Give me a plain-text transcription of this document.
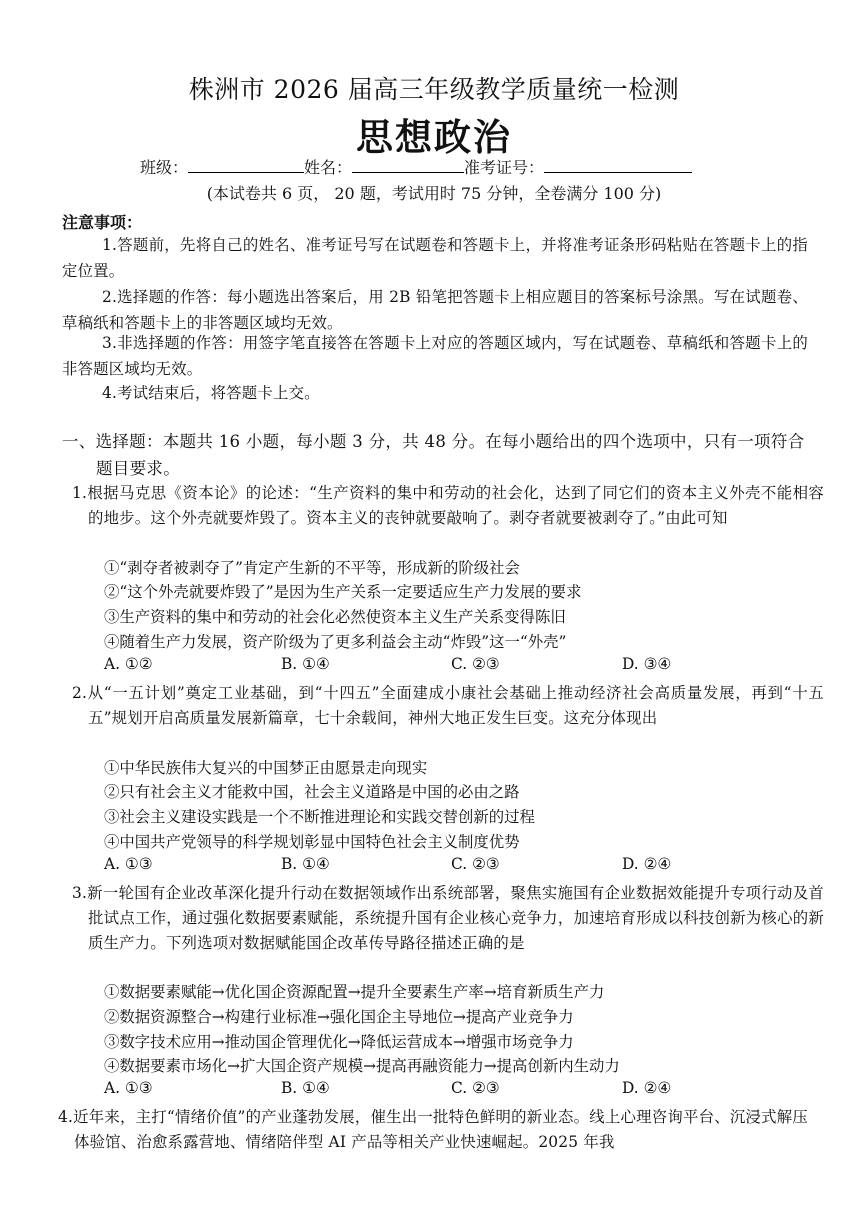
株洲市 2026 届高三年级教学质量统一检测
思想政治
班级：	姓名：	准考证号：
(本试卷共 6 页， 20 题，考试用时 75 分钟，全卷满分 100 分)
注意事项：
1.答题前，先将自己的姓名、准考证号写在试题卷和答题卡上，并将准考证条形码粘贴在答题卡上的指定位置。
2.选择题的作答：每小题选出答案后，用 2B 铅笔把答题卡上相应题目的答案标号涂黑。写在试题卷、草稿纸和答题卡上的非答题区域均无效。
3.非选择题的作答：用签字笔直接答在答题卡上对应的答题区域内，写在试题卷、草稿纸和答题卡上的非答题区域均无效。
4.考试结束后，将答题卡上交。
一、选择题：本题共 16 小题，每小题 3 分，共 48 分。在每小题给出的四个选项中，只有一项符合题目要求。
1.根据马克思《资本论》的论述：“生产资料的集中和劳动的社会化，达到了同它们的资本主义外壳不能相容的地步。这个外壳就要炸毁了。资本主义的丧钟就要敲响了。剥夺者就要被剥夺了。”由此可知
①“剥夺者被剥夺了”肯定产生新的不平等，形成新的阶级社会
②“这个外壳就要炸毁了”是因为生产关系一定要适应生产力发展的要求
③生产资料的集中和劳动的社会化必然使资本主义生产关系变得陈旧
④随着生产力发展，资产阶级为了更多利益会主动“炸毁”这一“外壳”
A. ①②	B. ①④	C. ②③	D. ③④
2.从“一五计划”奠定工业基础，到“十四五”全面建成小康社会基础上推动经济社会高质量发展，再到“十五五”规划开启高质量发展新篇章，七十余载间，神州大地正发生巨变。这充分体现出
①中华民族伟大复兴的中国梦正由愿景走向现实
②只有社会主义才能救中国，社会主义道路是中国的必由之路
③社会主义建设实践是一个不断推进理论和实践交替创新的过程
④中国共产党领导的科学规划彰显中国特色社会主义制度优势
A. ①③	B. ①④	C. ②③	D. ②④
3.新一轮国有企业改革深化提升行动在数据领域作出系统部署，聚焦实施国有企业数据效能提升专项行动及首批试点工作，通过强化数据要素赋能，系统提升国有企业核心竞争力，加速培育形成以科技创新为核心的新质生产力。下列选项对数据赋能国企改革传导路径描述正确的是
①数据要素赋能→优化国企资源配置→提升全要素生产率→培育新质生产力
②数据资源整合→构建行业标准→强化国企主导地位→提高产业竞争力
③数字技术应用→推动国企管理优化→降低运营成本→增强市场竞争力
④数据要素市场化→扩大国企资产规模→提高再融资能力→提高创新内生动力
A. ①③	B. ①④	C. ②③	D. ②④
4.近年来，主打“情绪价值”的产业蓬勃发展，催生出一批特色鲜明的新业态。线上心理咨询平台、沉浸式解压体验馆、治愈系露营地、情绪陪伴型 AI 产品等相关产业快速崛起。2025 年我
